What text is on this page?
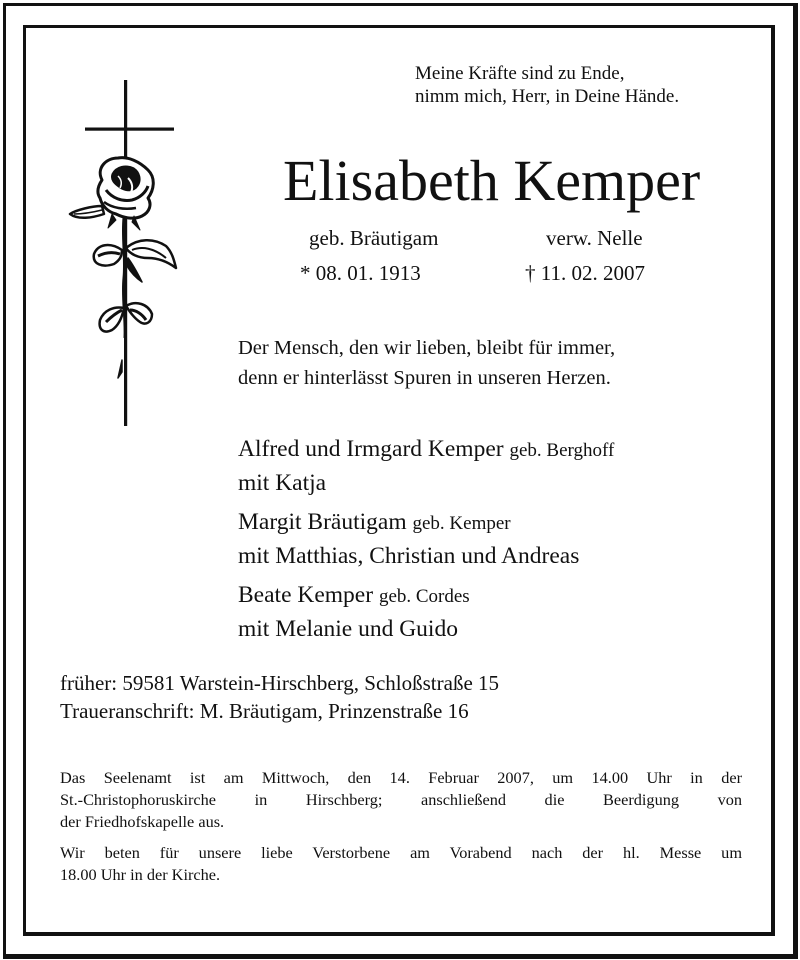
Meine Kräfte sind zu Ende,
nimm mich, Herr, in Deine Hände.
Elisabeth Kemper
geb. Bräutigam	verw. Nelle
* 08. 01. 1913	† 11. 02. 2007
Der Mensch, den wir lieben, bleibt für immer,
denn er hinterlässt Spuren in unseren Herzen.
Alfred und Irmgard Kemper geb. Berghoff
mit Katja
Margit Bräutigam geb. Kemper
mit Matthias, Christian und Andreas
Beate Kemper geb. Cordes
mit Melanie und Guido
früher: 59581 Warstein-Hirschberg, Schloßstraße 15
Traueranschrift: M. Bräutigam, Prinzenstraße 16

Das Seelenamt ist am Mittwoch, den 14. Februar 2007, um 14.00 Uhr in der
St.-Christophoruskirche in Hirschberg; anschließend die Beerdigung von
der Friedhofskapelle aus.

Wir beten für unsere liebe Verstorbene am Vorabend nach der hl. Messe um
18.00 Uhr in der Kirche.
